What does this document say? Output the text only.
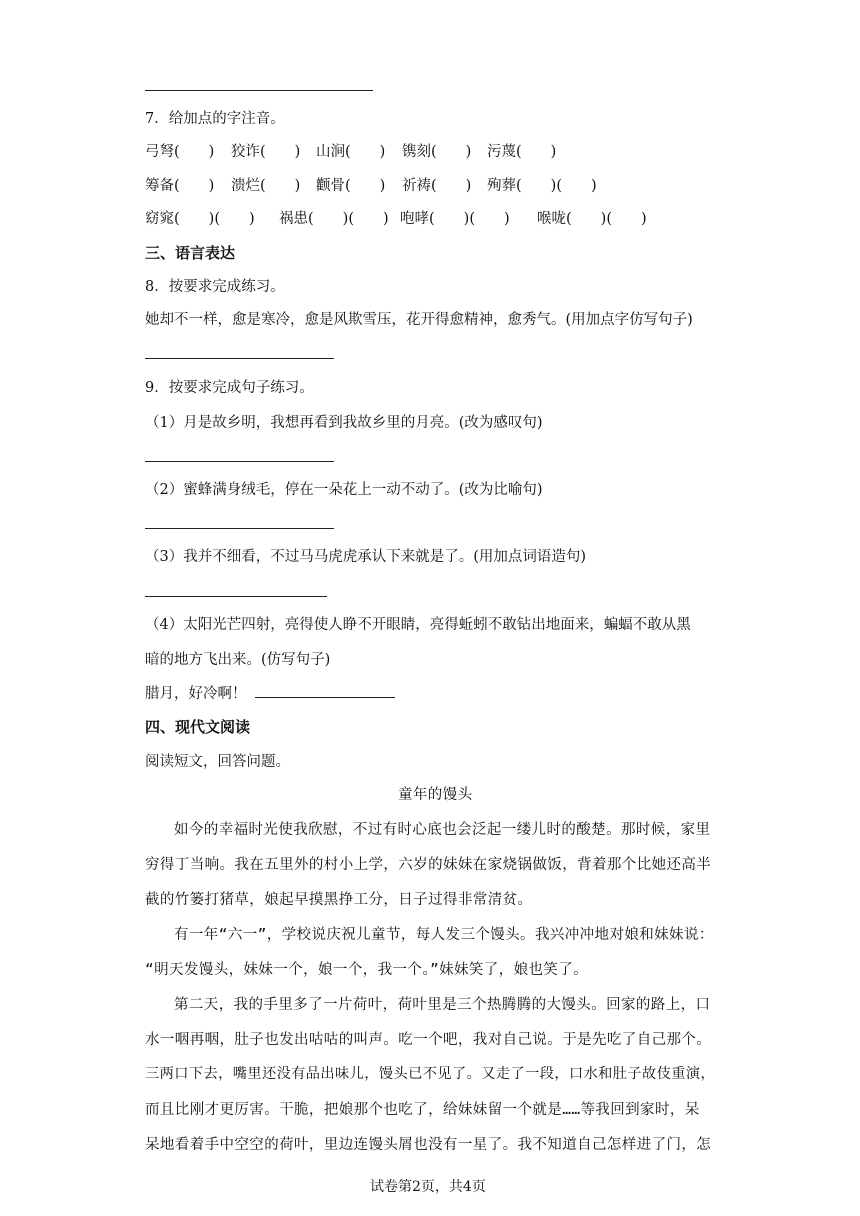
7．给加点的字注音。
弓弩(　　) 狡诈(　　) 山涧(　　) 镌刻(　　) 污蔑(　　)
筹备(　　) 溃烂(　　) 颧骨(　　) 祈祷(　　) 殉葬(　　)(　　)
窈窕(　　)(　　) 祸患(　　)(　　) 咆哮(　　)(　　) 喉咙(　　)(　　)
三、语言表达
8．按要求完成练习。
她却不一样，愈是寒冷，愈是风欺雪压，花开得愈精神，愈秀气。(用加点字仿写句子)
9．按要求完成句子练习。
（1）月是故乡明，我想再看到我故乡里的月亮。(改为感叹句)
（2）蜜蜂满身绒毛，停在一朵花上一动不动了。(改为比喻句)
（3）我并不细看，不过马马虎虎承认下来就是了。(用加点词语造句)
（4）太阳光芒四射，亮得使人睁不开眼睛，亮得蚯蚓不敢钻出地面来，蝙蝠不敢从黑
暗的地方飞出来。(仿写句子)
腊月，好冷啊！
四、现代文阅读
阅读短文，回答问题。
童年的馒头
如今的幸福时光使我欣慰，不过有时心底也会泛起一缕儿时的酸楚。那时候，家里
穷得丁当响。我在五里外的村小上学，六岁的妹妹在家烧锅做饭，背着那个比她还高半
截的竹篓打猪草，娘起早摸黑挣工分，日子过得非常清贫。
有一年“六一”，学校说庆祝儿童节，每人发三个馒头。我兴冲冲地对娘和妹妹说：
“明天发馒头，妹妹一个，娘一个，我一个。”妹妹笑了，娘也笑了。
第二天，我的手里多了一片荷叶，荷叶里是三个热腾腾的大馒头。回家的路上，口
水一咽再咽，肚子也发出咕咕的叫声。吃一个吧，我对自己说。于是先吃了自己那个。
三两口下去，嘴里还没有品出味儿，馒头已不见了。又走了一段，口水和肚子故伎重演，
而且比刚才更厉害。干脆，把娘那个也吃了，给妹妹留一个就是……等我回到家时，呆
呆地看着手中空空的荷叶，里边连馒头屑也没有一星了。我不知道自己怎样进了门，怎
试卷第2页，共4页
